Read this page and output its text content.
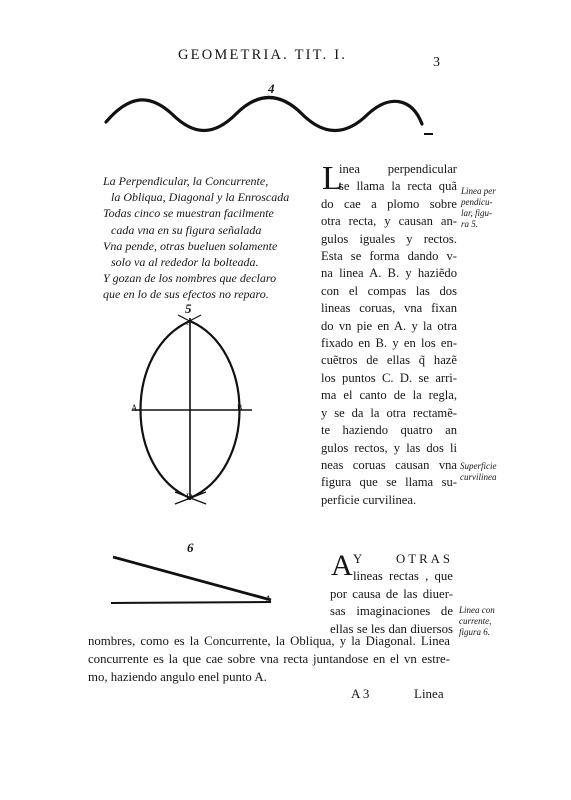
GEOMETRIA. TIT. I.	3
4
5
6
c
D
A	B
A
La Perpendicular, la Concurrente,
la Obliqua, Diagonal y la Enroscada
Todas cinco se muestran facilmente
cada vna en su figura señalada
Vna pende, otras bueluen solamente
solo va al rededor la bolteada.
Y gozan de los nombres que declaro
que en lo de sus efectos no reparo.
L
inea perpendicular
se llama la recta quã
do cae a plomo sobre
otra recta, y causan an-
gulos iguales y rectos.
Esta se forma dando v-
na linea A. B. y haziẽdo
con el compas las dos
lineas coruas, vna fixan
do vn pie en A. y la otra
fixado en B. y en los en-
cuẽtros de ellas q̃ hazẽ
los puntos C. D. se arri-
ma el canto de la regla,
y se da la otra rectamẽ-
te haziendo quatro an
gulos rectos, y las dos li
neas coruas causan vna
figura que se llama su-
perficie curvilinea.
Linea per
pendicu-
lar, figu-
ra 5.
Superficie
curvilinea
Linea con
currente,
figura 6.
A Y OTRAS
lineas rectas , que
por causa de las diuer-
sas imaginaciones de
ellas se les dan diuersos
nombres, como es la Concurrente, la Obliqua, y la Diagonal. Linea
concurrente es la que cae sobre vna recta juntandose en el vn estre-
mo, haziendo angulo enel punto A.
A 3	Linea
